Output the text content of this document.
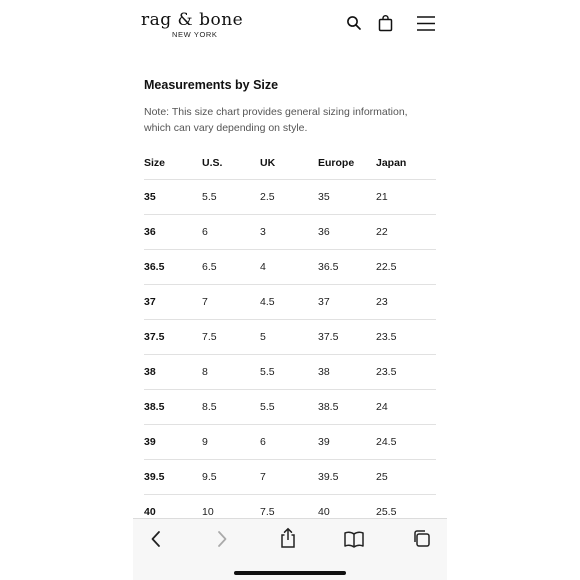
rag & bone
NEW YORK
Measurements by Size
Note: This size chart provides general sizing information, which can vary depending on style.
Size	U.S.	UK	Europe	Japan
35	5.5	2.5	35	21
36	6	3	36	22
36.5	6.5	4	36.5	22.5
37	7	4.5	37	23
37.5	7.5	5	37.5	23.5
38	8	5.5	38	23.5
38.5	8.5	5.5	38.5	24
39	9	6	39	24.5
39.5	9.5	7	39.5	25
40	10	7.5	40	25.5
